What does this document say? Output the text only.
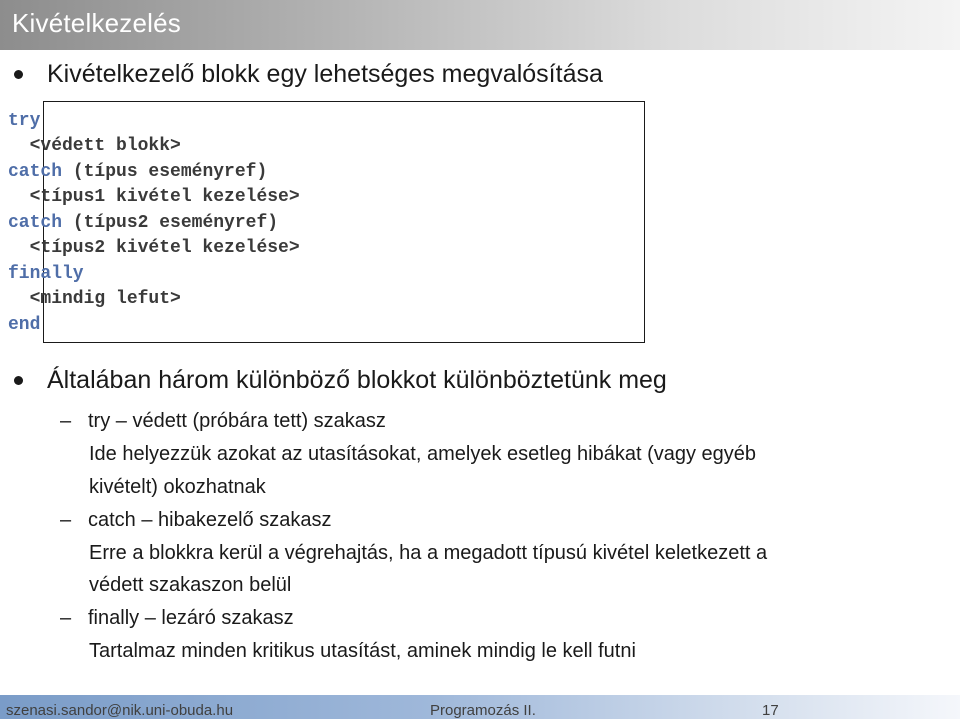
Kivételkezelés
Kivételkezelő blokk egy lehetséges megvalósítása
try
<védett blokk>
catch (típus eseményref)
<típus1 kivétel kezelése>
catch (típus2 eseményref)
<típus2 kivétel kezelése>
finally
<mindig lefut>
end
Általában három különböző blokkot különböztetünk meg
– try – védett (próbára tett) szakasz
Ide helyezzük azokat az utasításokat, amelyek esetleg hibákat (vagy egyéb
kivételt) okozhatnak
– catch – hibakezelő szakasz
Erre a blokkra kerül a végrehajtás, ha a megadott típusú kivétel keletkezett a
védett szakaszon belül
– finally – lezáró szakasz
Tartalmaz minden kritikus utasítást, aminek mindig le kell futni
szenasi.sandor@nik.uni-obuda.hu	Programozás II.	17
